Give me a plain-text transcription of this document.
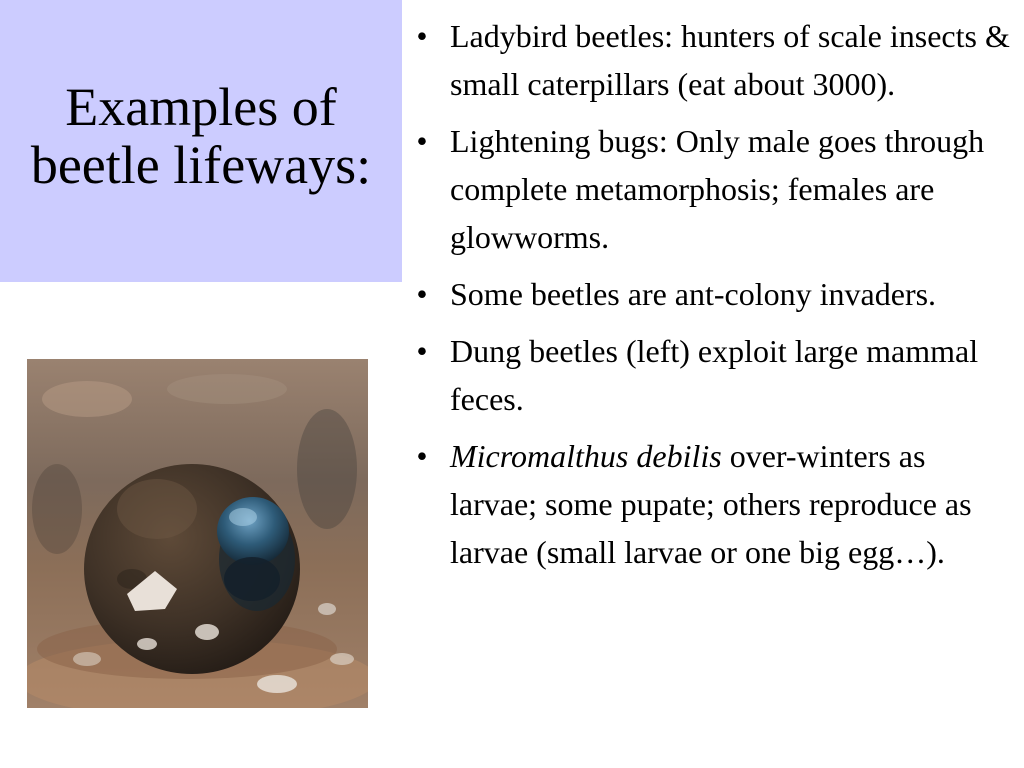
Examples of beetle lifeways:
• Ladybird beetles: hunters of scale insects & small caterpillars (eat about 3000).
• Lightening bugs: Only male goes through complete metamorphosis; females are glowworms.
• Some beetles are ant-colony invaders.
• Dung beetles (left) exploit large mammal feces.
• Micromalthus debilis over-winters as larvae; some pupate; others reproduce as larvae (small larvae or one big egg…).
